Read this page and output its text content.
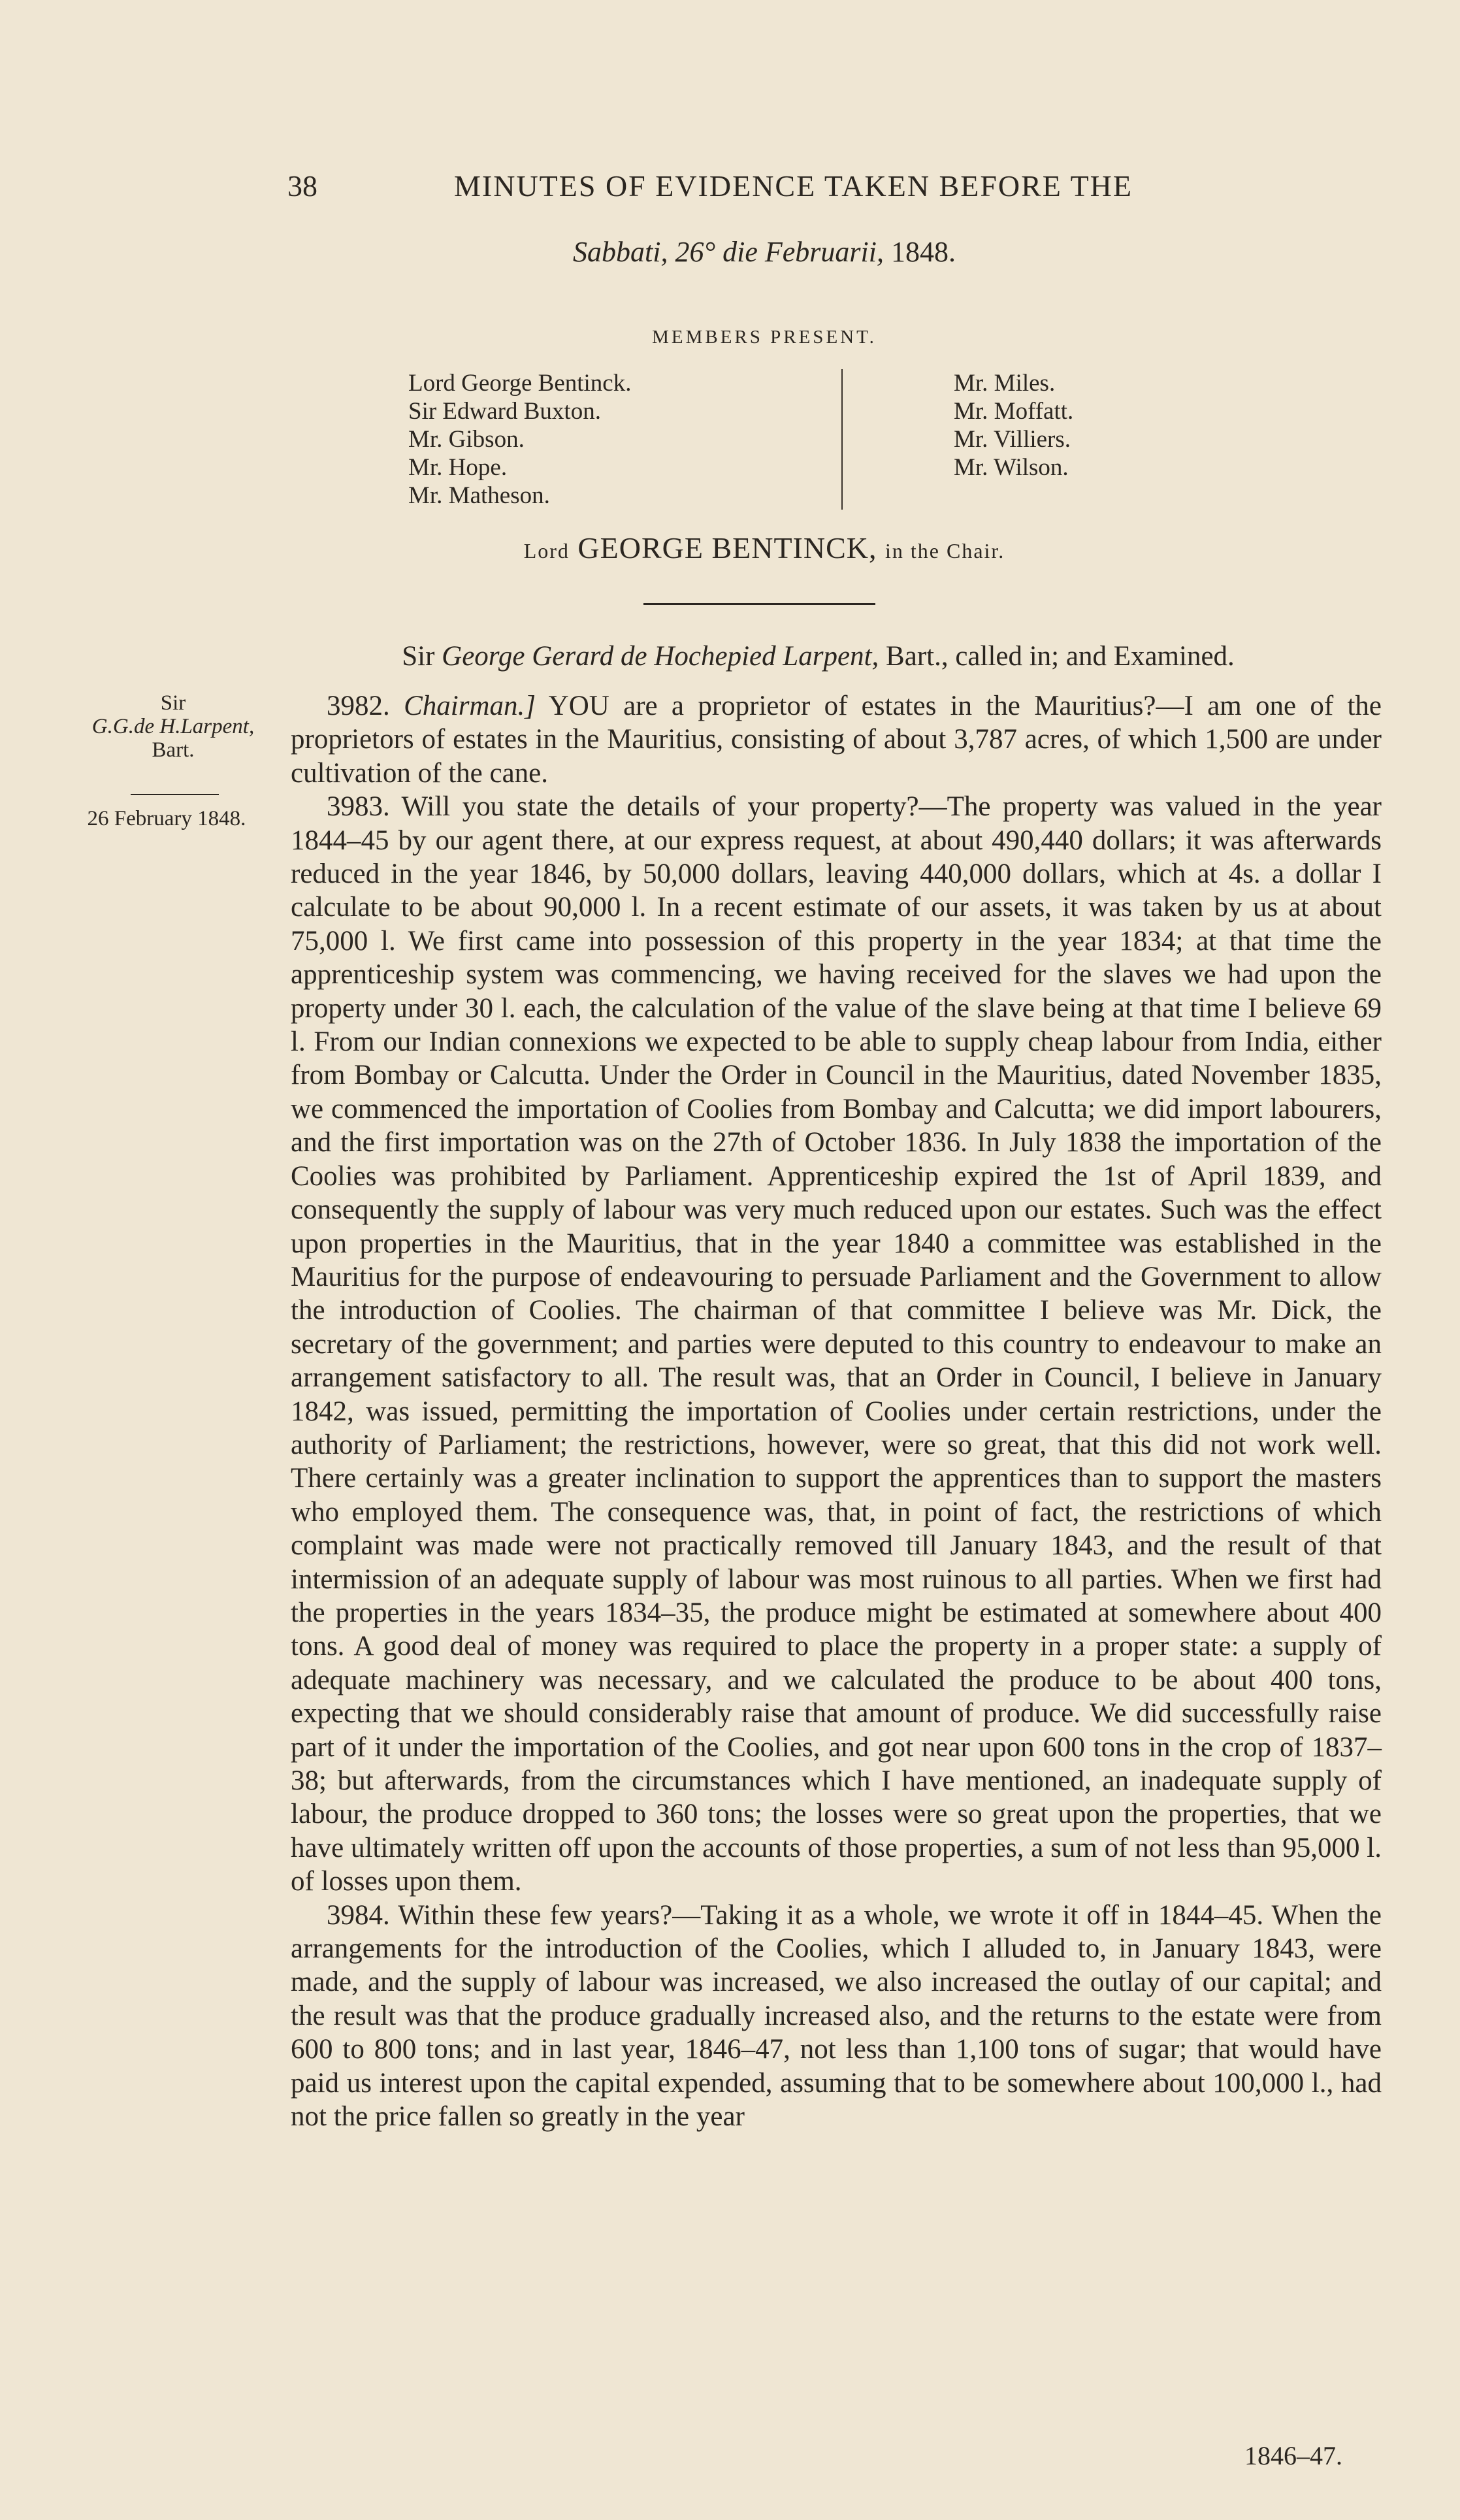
38	MINUTES OF EVIDENCE TAKEN BEFORE THE
Sabbati, 26° die Februarii, 1848.
MEMBERS PRESENT.
Lord George Bentinck.
Sir Edward Buxton.
Mr. Gibson.
Mr. Hope.
Mr. Matheson.
Mr. Miles.
Mr. Moffatt.
Mr. Villiers.
Mr. Wilson.
Lord GEORGE BENTINCK, in the Chair.
Sir George Gerard de Hochepied Larpent, Bart., called in; and Examined.
Sir
G.G.de H.Larpent,
Bart.
26 February 1848.

3982. Chairman.] YOU are a proprietor of estates in the Mauritius?—I am one of the proprietors of estates in the Mauritius, consisting of about 3,787 acres, of which 1,500 are under cultivation of the cane.

3983. Will you state the details of your property?—The property was valued in the year 1844–45 by our agent there, at our express request, at about 490,440 dollars; it was afterwards reduced in the year 1846, by 50,000 dollars, leaving 440,000 dollars, which at 4s. a dollar I calculate to be about 90,000 l. In a recent estimate of our assets, it was taken by us at about 75,000 l. We first came into possession of this property in the year 1834; at that time the apprenticeship system was commencing, we having received for the slaves we had upon the property under 30 l. each, the calculation of the value of the slave being at that time I believe 69 l. From our Indian connexions we expected to be able to supply cheap labour from India, either from Bombay or Calcutta. Under the Order in Council in the Mauritius, dated November 1835, we commenced the importation of Coolies from Bombay and Calcutta; we did import labourers, and the first importation was on the 27th of October 1836. In July 1838 the importation of the Coolies was prohibited by Parliament. Apprenticeship expired the 1st of April 1839, and consequently the supply of labour was very much reduced upon our estates. Such was the effect upon properties in the Mauritius, that in the year 1840 a committee was established in the Mauritius for the purpose of endeavouring to persuade Parliament and the Government to allow the introduction of Coolies. The chairman of that committee I believe was Mr. Dick, the secretary of the government; and parties were deputed to this country to endeavour to make an arrangement satisfactory to all. The result was, that an Order in Council, I believe in January 1842, was issued, permitting the importation of Coolies under certain restrictions, under the authority of Parliament; the restrictions, however, were so great, that this did not work well. There certainly was a greater inclination to support the apprentices than to support the masters who employed them. The consequence was, that, in point of fact, the restrictions of which complaint was made were not practically removed till January 1843, and the result of that intermission of an adequate supply of labour was most ruinous to all parties. When we first had the properties in the years 1834–35, the produce might be estimated at somewhere about 400 tons. A good deal of money was required to place the property in a proper state: a supply of adequate machinery was necessary, and we calculated the produce to be about 400 tons, expecting that we should considerably raise that amount of produce. We did successfully raise part of it under the importation of the Coolies, and got near upon 600 tons in the crop of 1837–38; but afterwards, from the circumstances which I have mentioned, an inadequate supply of labour, the produce dropped to 360 tons; the losses were so great upon the properties, that we have ultimately written off upon the accounts of those properties, a sum of not less than 95,000 l. of losses upon them.

3984. Within these few years?—Taking it as a whole, we wrote it off in 1844–45. When the arrangements for the introduction of the Coolies, which I alluded to, in January 1843, were made, and the supply of labour was increased, we also increased the outlay of our capital; and the result was that the produce gradually increased also, and the returns to the estate were from 600 to 800 tons; and in last year, 1846–47, not less than 1,100 tons of sugar; that would have paid us interest upon the capital expended, assuming that to be somewhere about 100,000 l., had not the price fallen so greatly in the year

1846–47.
